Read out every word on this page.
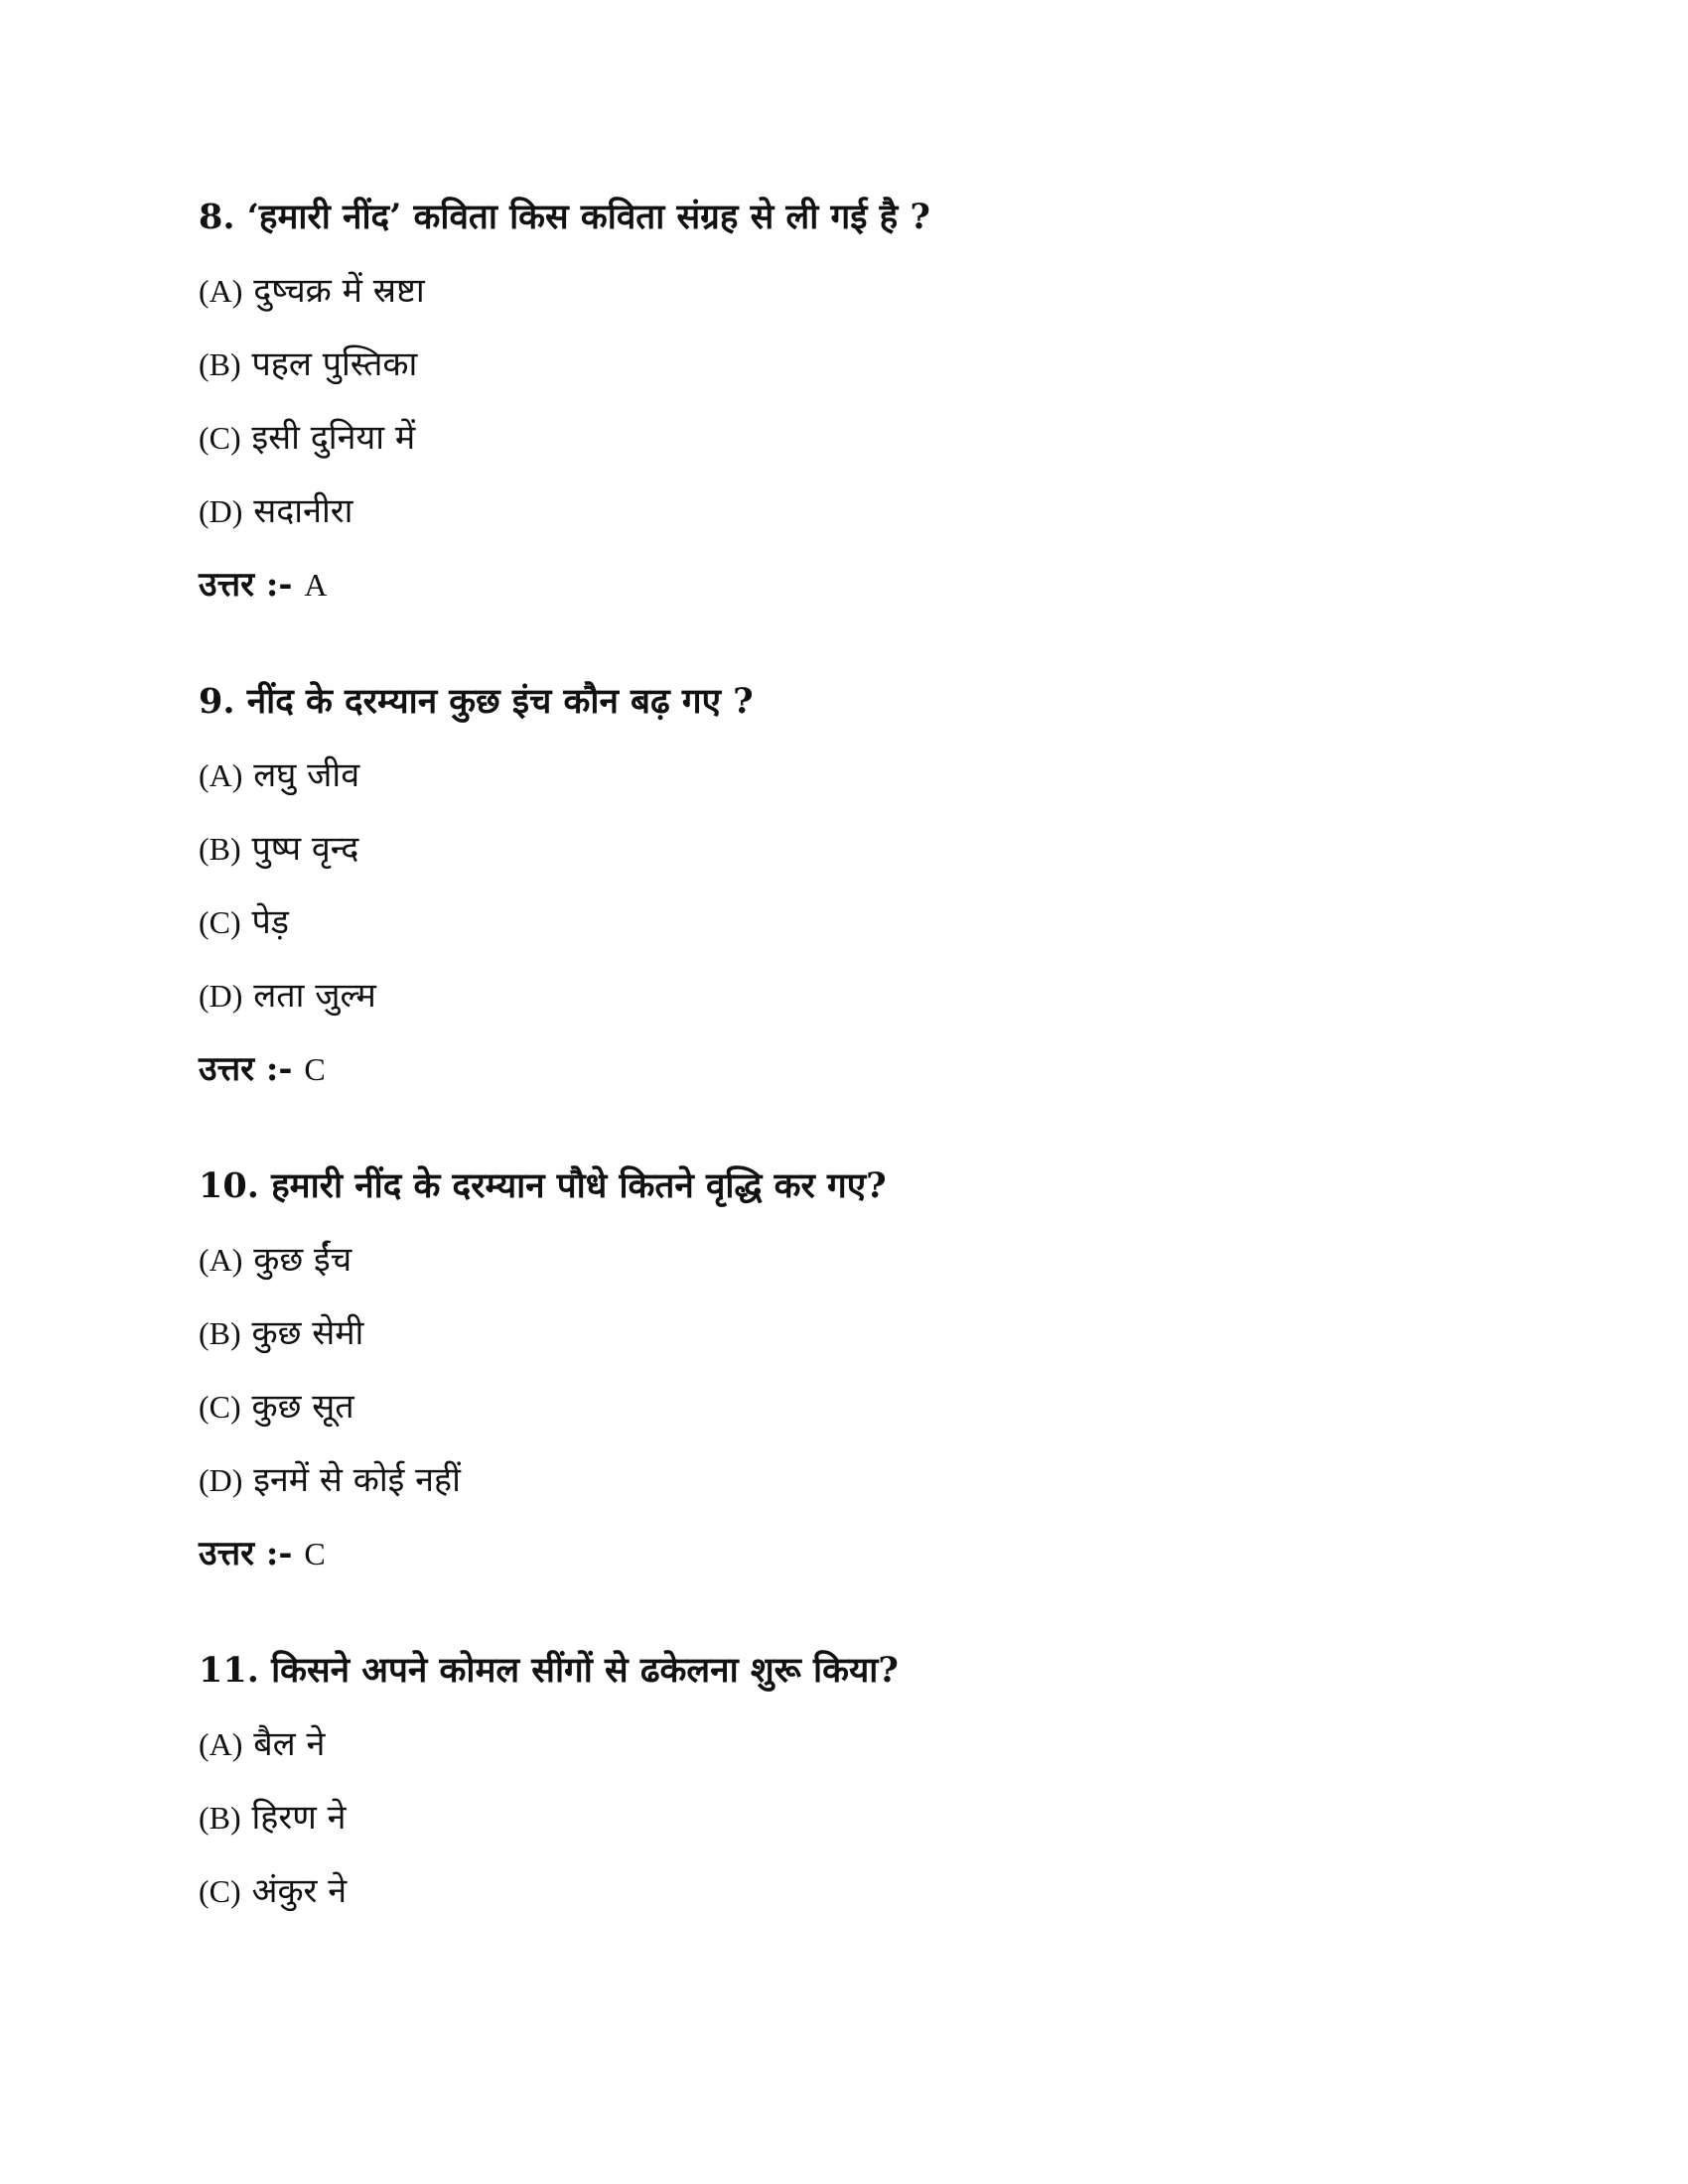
8. ‘हमारी नींद’ कविता किस कविता संग्रह से ली गई है ?
(A) दुष्चक्र में स्रष्टा
(B) पहल पुस्तिका
(C) इसी दुनिया में
(D) सदानीरा
उत्तर :- A
9. नींद के दरम्यान कुछ इंच कौन बढ़ गए ?
(A) लघु जीव
(B) पुष्प वृन्द
(C) पेड़
(D) लता जुल्म
उत्तर :- C
10. हमारी नींद के दरम्यान पौधे कितने वृद्धि कर गए?
(A) कुछ ईंच
(B) कुछ सेमी
(C) कुछ सूत
(D) इनमें से कोई नहीं
उत्तर :- C
11. किसने अपने कोमल सींगों से ढकेलना शुरू किया?
(A) बैल ने
(B) हिरण ने
(C) अंकुर ने
